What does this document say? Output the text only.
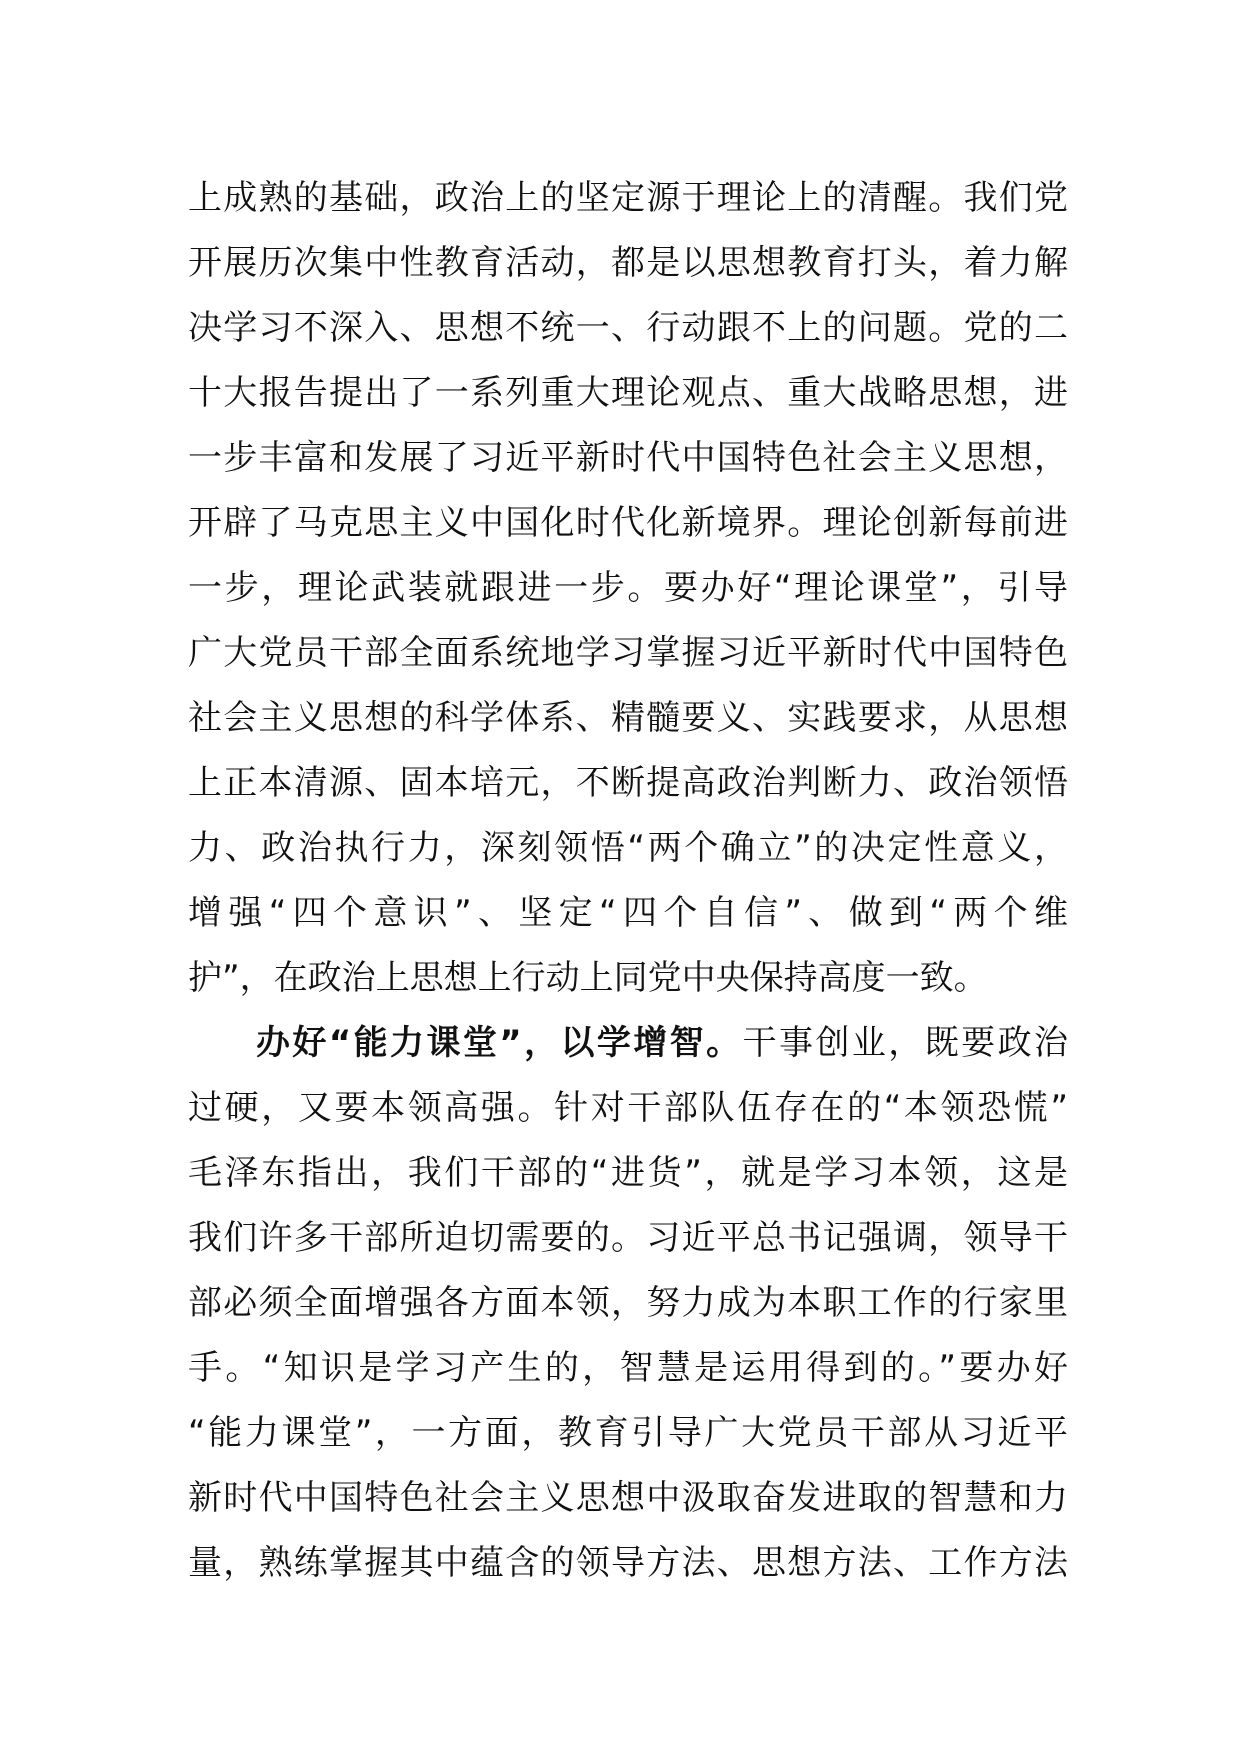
上成熟的基础，政治上的坚定源于理论上的清醒。我们党
开展历次集中性教育活动，都是以思想教育打头，着力解
决学习不深入、思想不统一、行动跟不上的问题。党的二
十大报告提出了一系列重大理论观点、重大战略思想，进
一步丰富和发展了习近平新时代中国特色社会主义思想，
开辟了马克思主义中国化时代化新境界。理论创新每前进
一步，理论武装就跟进一步。要办好“理论课堂”，引导
广大党员干部全面系统地学习掌握习近平新时代中国特色
社会主义思想的科学体系、精髓要义、实践要求，从思想
上正本清源、固本培元，不断提高政治判断力、政治领悟
力、政治执行力，深刻领悟“两个确立”的决定性意义，
增强“四个意识”、坚定“四个自信”、做到“两个维
护”，在政治上思想上行动上同党中央保持高度一致。
办好“能力课堂”，以学增智。干事创业，既要政治
过硬，又要本领高强。针对干部队伍存在的“本领恐慌”
毛泽东指出，我们干部的“进货”，就是学习本领，这是
我们许多干部所迫切需要的。习近平总书记强调，领导干
部必须全面增强各方面本领，努力成为本职工作的行家里
手。“知识是学习产生的，智慧是运用得到的。”要办好
“能力课堂”，一方面，教育引导广大党员干部从习近平
新时代中国特色社会主义思想中汲取奋发进取的智慧和力
量，熟练掌握其中蕴含的领导方法、思想方法、工作方法
